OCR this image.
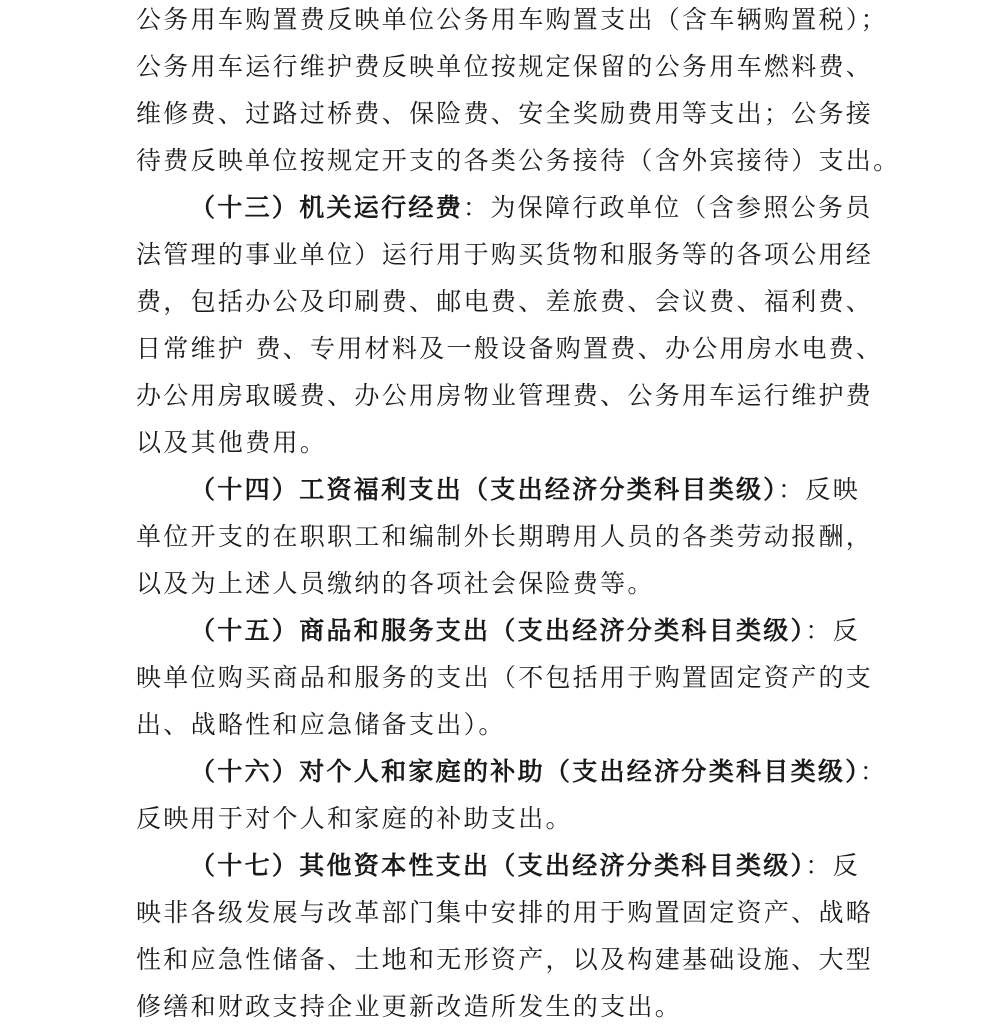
公务用车购置费反映单位公务用车购置支出（含车辆购置税）；
公务用车运行维护费反映单位按规定保留的公务用车燃料费、
维修费、过路过桥费、保险费、安全奖励费用等支出；公务接
待费反映单位按规定开支的各类公务接待（含外宾接待）支出。
（十三）机关运行经费：为保障行政单位（含参照公务员
法管理的事业单位）运行用于购买货物和服务等的各项公用经
费，包括办公及印刷费、邮电费、差旅费、会议费、福利费、
日常维护 费、专用材料及一般设备购置费、办公用房水电费、
办公用房取暖费、办公用房物业管理费、公务用车运行维护费
以及其他费用。
（十四）工资福利支出（支出经济分类科目类级）：反映
单位开支的在职职工和编制外长期聘用人员的各类劳动报酬，
以及为上述人员缴纳的各项社会保险费等。
（十五）商品和服务支出（支出经济分类科目类级）：反
映单位购买商品和服务的支出（不包括用于购置固定资产的支
出、战略性和应急储备支出）。
（十六）对个人和家庭的补助（支出经济分类科目类级）：
反映用于对个人和家庭的补助支出。
（十七）其他资本性支出（支出经济分类科目类级）：反
映非各级发展与改革部门集中安排的用于购置固定资产、战略
性和应急性储备、土地和无形资产，以及构建基础设施、大型
修缮和财政支持企业更新改造所发生的支出。
